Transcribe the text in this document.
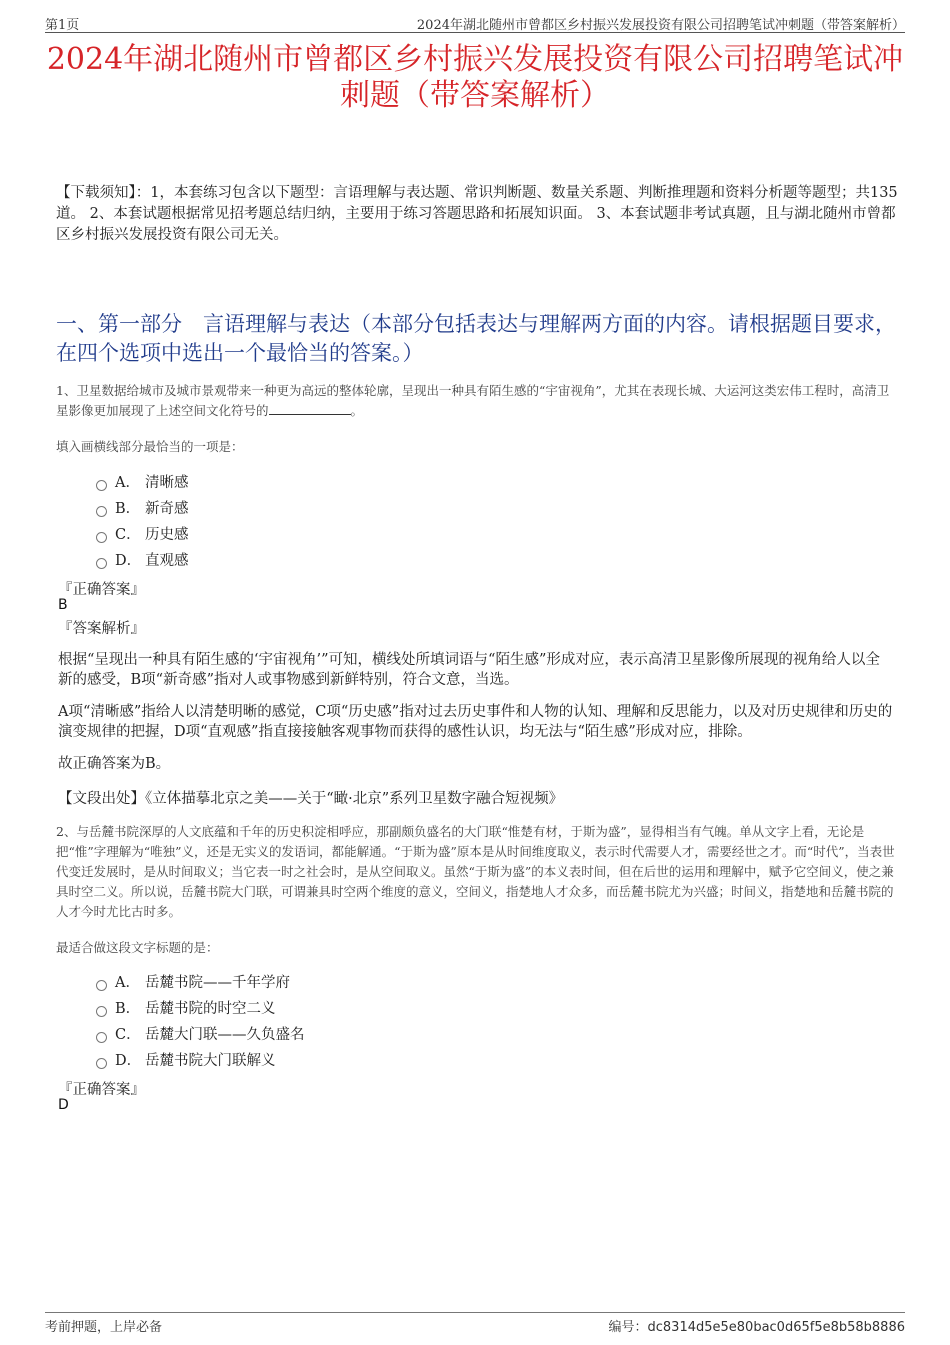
第1页	2024年湖北随州市曾都区乡村振兴发展投资有限公司招聘笔试冲刺题（带答案解析）
2024年湖北随州市曾都区乡村振兴发展投资有限公司招聘笔试冲刺题（带答案解析）
【下载须知】：1，本套练习包含以下题型：言语理解与表达题、常识判断题、数量关系题、判断推理题和资料分析题等题型；共135道。 2、本套试题根据常见招考题总结归纳，主要用于练习答题思路和拓展知识面。 3、本套试题非考试真题，且与湖北随州市曾都区乡村振兴发展投资有限公司无关。
一、第一部分　言语理解与表达（本部分包括表达与理解两方面的内容。请根据题目要求，在四个选项中选出一个最恰当的答案。）
1、卫星数据给城市及城市景观带来一种更为高远的整体轮廓，呈现出一种具有陌生感的“宇宙视角”，尤其在表现长城、大运河这类宏伟工程时，高清卫星影像更加展现了上述空间文化符号的	。
填入画横线部分最恰当的一项是：
A． 清晰感
B． 新奇感
C． 历史感
D． 直观感
『正确答案』
B
『答案解析』
根据“呈现出一种具有陌生感的‘宇宙视角’”可知，横线处所填词语与“陌生感”形成对应，表示高清卫星影像所展现的视角给人以全新的感受，B项“新奇感”指对人或事物感到新鲜特别，符合文意，当选。
A项“清晰感”指给人以清楚明晰的感觉，C项“历史感”指对过去历史事件和人物的认知、理解和反思能力，以及对历史规律和历史的演变规律的把握，D项“直观感”指直接接触客观事物而获得的感性认识，均无法与“陌生感”形成对应，排除。
故正确答案为B。
【文段出处】《立体描摹北京之美——关于“瞰·北京”系列卫星数字融合短视频》
2、与岳麓书院深厚的人文底蕴和千年的历史积淀相呼应，那副颇负盛名的大门联“惟楚有材，于斯为盛”，显得相当有气魄。单从文字上看，无论是把“惟”字理解为“唯独”义，还是无实义的发语词，都能解通。“于斯为盛”原本是从时间维度取义，表示时代需要人才，需要经世之才。而“时代”，当表世代变迁发展时，是从时间取义；当它表一时之社会时，是从空间取义。虽然“于斯为盛”的本义表时间，但在后世的运用和理解中，赋予它空间义，使之兼具时空二义。所以说，岳麓书院大门联，可谓兼具时空两个维度的意义，空间义，指楚地人才众多，而岳麓书院尤为兴盛；时间义，指楚地和岳麓书院的人才今时尤比古时多。
最适合做这段文字标题的是：
A． 岳麓书院——千年学府
B． 岳麓书院的时空二义
C． 岳麓大门联——久负盛名
D． 岳麓书院大门联解义
『正确答案』
D
考前押题，上岸必备	编号：dc8314d5e5e80bac0d65f5e8b58b8886
